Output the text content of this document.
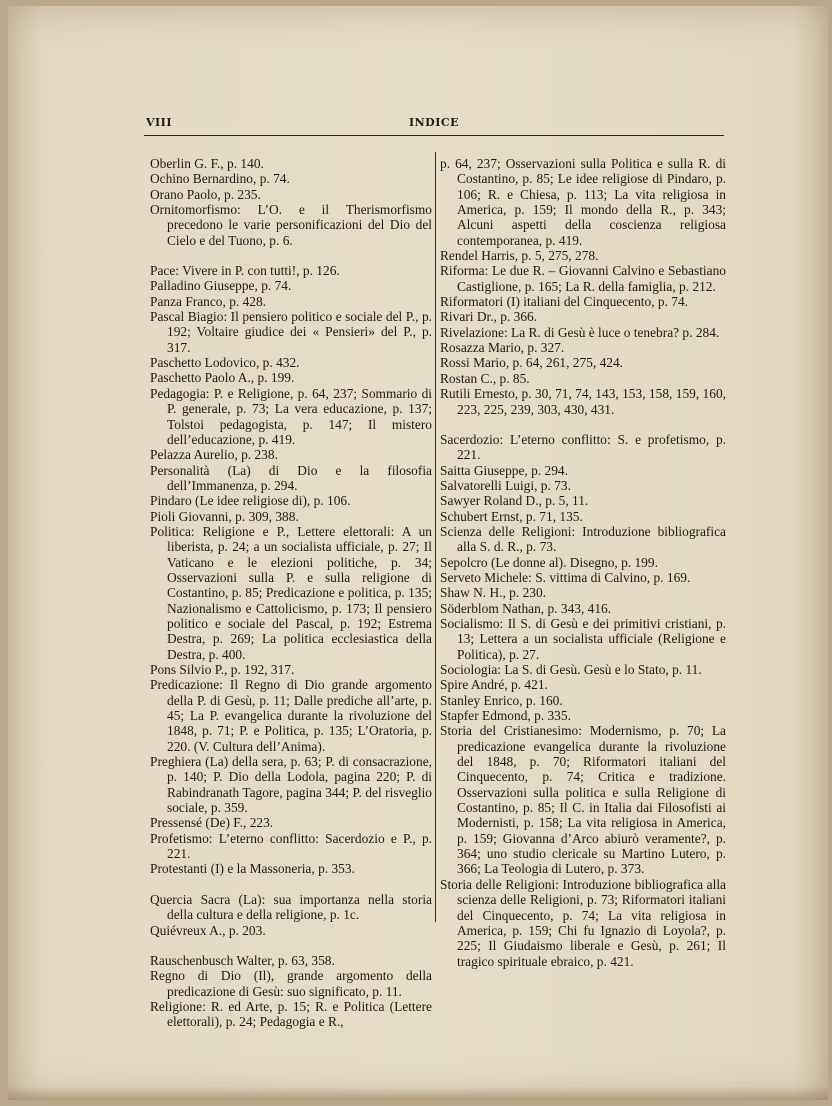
VIII	INDICE
Oberlin G. F., p. 140.
Ochino Bernardino, p. 74.
Orano Paolo, p. 235.
Ornitomorfismo: L’O. e il Therismorfismo precedono le varie personificazioni del Dio del Cielo e del Tuono, p. 6.
Pace: Vivere in P. con tutti!, p. 126.
Palladino Giuseppe, p. 74.
Panza Franco, p. 428.
Pascal Biagio: Il pensiero politico e sociale del P., p. 192; Voltaire giudice dei « Pensieri» del P., p. 317.
Paschetto Lodovico, p. 432.
Paschetto Paolo A., p. 199.
Pedagogia: P. e Religione, p. 64, 237; Sommario di P. generale, p. 73; La vera educazione, p. 137; Tolstoi pedagogista, p. 147; Il mistero dell’educazione, p. 419.
Pelazza Aurelio, p. 238.
Personalità (La) di Dio e la filosofia dell’Immanenza, p. 294.
Pindaro (Le idee religiose di), p. 106.
Pioli Giovanni, p. 309, 388.
Politica: Religione e P., Lettere elettorali: A un liberista, p. 24; a un socialista ufficiale, p. 27; Il Vaticano e le elezioni politiche, p. 34; Osservazioni sulla P. e sulla religione di Costantino, p. 85; Predicazione e politica, p. 135; Nazionalismo e Cattolicismo, p. 173; Il pensiero politico e sociale del Pascal, p. 192; Estrema Destra, p. 269; La politica ecclesiastica della Destra, p. 400.
Pons Silvio P., p. 192, 317.
Predicazione: Il Regno di Dio grande argomento della P. di Gesù, p. 11; Dalle prediche all’arte, p. 45; La P. evangelica durante la rivoluzione del 1848, p. 71; P. e Politica, p. 135; L’Oratoria, p. 220. (V. Cultura dell’Anima).
Preghiera (La) della sera, p. 63; P. di consacrazione, p. 140; P. Dio della Lodola, pagina 220; P. di Rabindranath Tagore, pagina 344; P. del risveglio sociale, p. 359.
Pressensé (De) F., 223.
Profetismo: L’eterno conflitto: Sacerdozio e P., p. 221.
Protestanti (I) e la Massoneria, p. 353.
Quercia Sacra (La): sua importanza nella storia della cultura e della religione, p. 1c.
Quiévreux A., p. 203.
Rauschenbusch Walter, p. 63, 358.
Regno di Dio (Il), grande argomento della predicazione di Gesù: suo significato, p. 11.
Religione: R. ed Arte, p. 15; R. e Politica (Lettere elettorali), p. 24; Pedagogia e R.,
p. 64, 237; Osservazioni sulla Politica e sulla R. di Costantino, p. 85; Le idee religiose di Pindaro, p. 106; R. e Chiesa, p. 113; La vita religiosa in America, p. 159; Il mondo della R., p. 343; Alcuni aspetti della coscienza religiosa contemporanea, p. 419.
Rendel Harris, p. 5, 275, 278.
Riforma: Le due R. – Giovanni Calvino e Sebastiano Castiglione, p. 165; La R. della famiglia, p. 212.
Riformatori (I) italiani del Cinquecento, p. 74.
Rivari Dr., p. 366.
Rivelazione: La R. di Gesù è luce o tenebra? p. 284.
Rosazza Mario, p. 327.
Rossi Mario, p. 64, 261, 275, 424.
Rostan C., p. 85.
Rutili Ernesto, p. 30, 71, 74, 143, 153, 158, 159, 160, 223, 225, 239, 303, 430, 431.
Sacerdozio: L’eterno conflitto: S. e profetismo, p. 221.
Saitta Giuseppe, p. 294.
Salvatorelli Luigi, p. 73.
Sawyer Roland D., p. 5, 11.
Schubert Ernst, p. 71, 135.
Scienza delle Religioni: Introduzione bibliografica alla S. d. R., p. 73.
Sepolcro (Le donne al). Disegno, p. 199.
Serveto Michele: S. vittima di Calvino, p. 169.
Shaw N. H., p. 230.
Söderblom Nathan, p. 343, 416.
Socialismo: Il S. di Gesù e dei primitivi cristiani, p. 13; Lettera a un socialista ufficiale (Religione e Politica), p. 27.
Sociologia: La S. di Gesù. Gesù e lo Stato, p. 11.
Spire André, p. 421.
Stanley Enrico, p. 160.
Stapfer Edmond, p. 335.
Storia del Cristianesimo: Modernismo, p. 70; La predicazione evangelica durante la rivoluzione del 1848, p. 70; Riformatori italiani del Cinquecento, p. 74; Critica e tradizione. Osservazioni sulla politica e sulla Religione di Costantino, p. 85; Il C. in Italia dai Filosofisti ai Modernisti, p. 158; La vita religiosa in America, p. 159; Giovanna d’Arco abiurò veramente?, p. 364; uno studio clericale su Martino Lutero, p. 366; La Teologia di Lutero, p. 373.
Storia delle Religioni: Introduzione bibliografica alla scienza delle Religioni, p. 73; Riformatori italiani del Cinquecento, p. 74; La vita religiosa in America, p. 159; Chi fu Ignazio di Loyola?, p. 225; Il Giudaismo liberale e Gesù, p. 261; Il tragico spirituale ebraico, p. 421.
